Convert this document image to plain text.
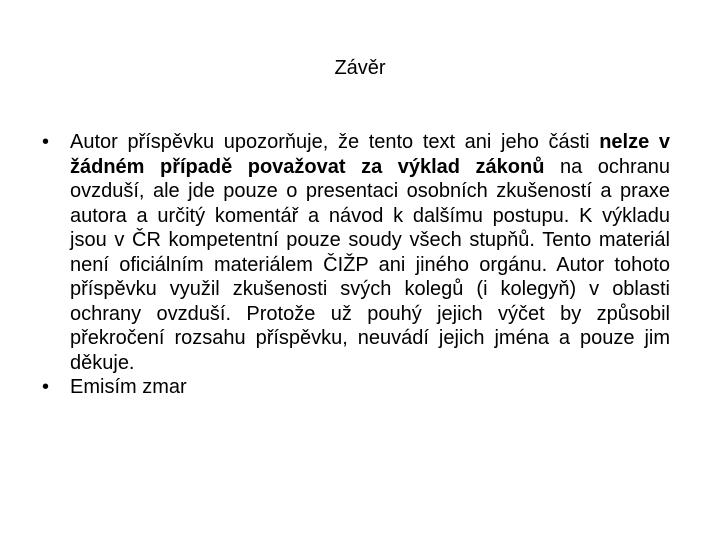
Závěr
•	Autor příspěvku upozorňuje, že tento text ani jeho části nelze v žádném případě považovat za výklad zákonů na ochranu ovzduší, ale jde pouze o presentaci osobních zkušeností a praxe autora a určitý komentář a návod k dalšímu postupu. K výkladu jsou v ČR kompetentní pouze soudy všech stupňů. Tento materiál není oficiálním materiálem ČIŽP ani jiného orgánu. Autor tohoto příspěvku využil zkušenosti svých kolegů (i kolegyň) v oblasti ochrany ovzduší. Protože už pouhý jejich výčet by způsobil překročení rozsahu příspěvku, neuvádí jejich jména a pouze jim děkuje.
•	Emisím zmar
